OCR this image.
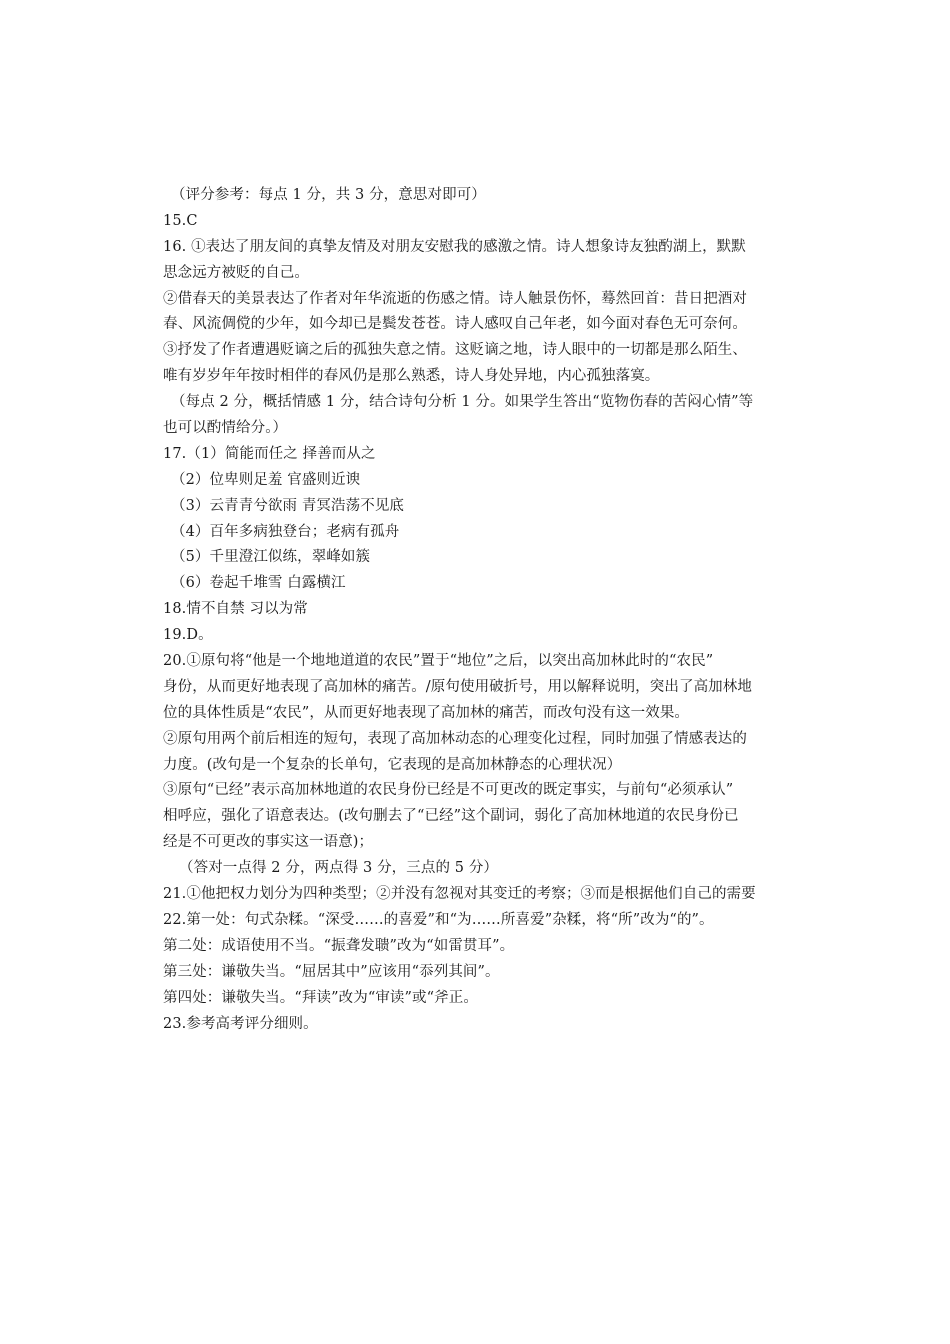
（评分参考：每点 1 分，共 3 分，意思对即可）
15.C
16. ①表达了朋友间的真挚友情及对朋友安慰我的感激之情。诗人想象诗友独酌湖上，默默
思念远方被贬的自己。
②借春天的美景表达了作者对年华流逝的伤感之情。诗人触景伤怀，蓦然回首：昔日把酒对
春、风流倜傥的少年，如今却已是鬓发苍苍。诗人感叹自己年老，如今面对春色无可奈何。
③抒发了作者遭遇贬谪之后的孤独失意之情。这贬谪之地，诗人眼中的一切都是那么陌生、
唯有岁岁年年按时相伴的春风仍是那么熟悉，诗人身处异地，内心孤独落寞。
（每点 2 分，概括情感 1 分，结合诗句分析 1 分。如果学生答出“览物伤春的苦闷心情”等
也可以酌情给分。）
17.（1）简能而任之 择善而从之
（2）位卑则足羞 官盛则近谀
（3）云青青兮欲雨 青冥浩荡不见底
（4）百年多病独登台；老病有孤舟
（5）千里澄江似练，翠峰如簇
（6）卷起千堆雪 白露横江
18.情不自禁 习以为常
19.D。
20.①原句将“他是一个地地道道的农民”置于“地位”之后，以突出高加林此时的“农民”
身份，从而更好地表现了高加林的痛苦。/原句使用破折号，用以解释说明，突出了高加林地
位的具体性质是“农民”，从而更好地表现了高加林的痛苦，而改句没有这一效果。
②原句用两个前后相连的短句，表现了高加林动态的心理变化过程，同时加强了情感表达的
力度。(改句是一个复杂的长单句，它表现的是高加林静态的心理状况）
③原句“已经”表示高加林地道的农民身份已经是不可更改的既定事实，与前句“必须承认”
相呼应，强化了语意表达。(改句删去了“已经”这个副词，弱化了高加林地道的农民身份已
经是不可更改的事实这一语意)；
（答对一点得 2 分，两点得 3 分，三点的 5 分）
21.①他把权力划分为四种类型；②并没有忽视对其变迁的考察；③而是根据他们自己的需要
22.第一处：句式杂糅。“深受……的喜爱”和“为……所喜爱”杂糅，将“所”改为“的”。
第二处：成语使用不当。“振聋发聩”改为“如雷贯耳”。
第三处：谦敬失当。“屈居其中”应该用“忝列其间”。
第四处：谦敬失当。“拜读”改为“审读”或“斧正。
23.参考高考评分细则。
